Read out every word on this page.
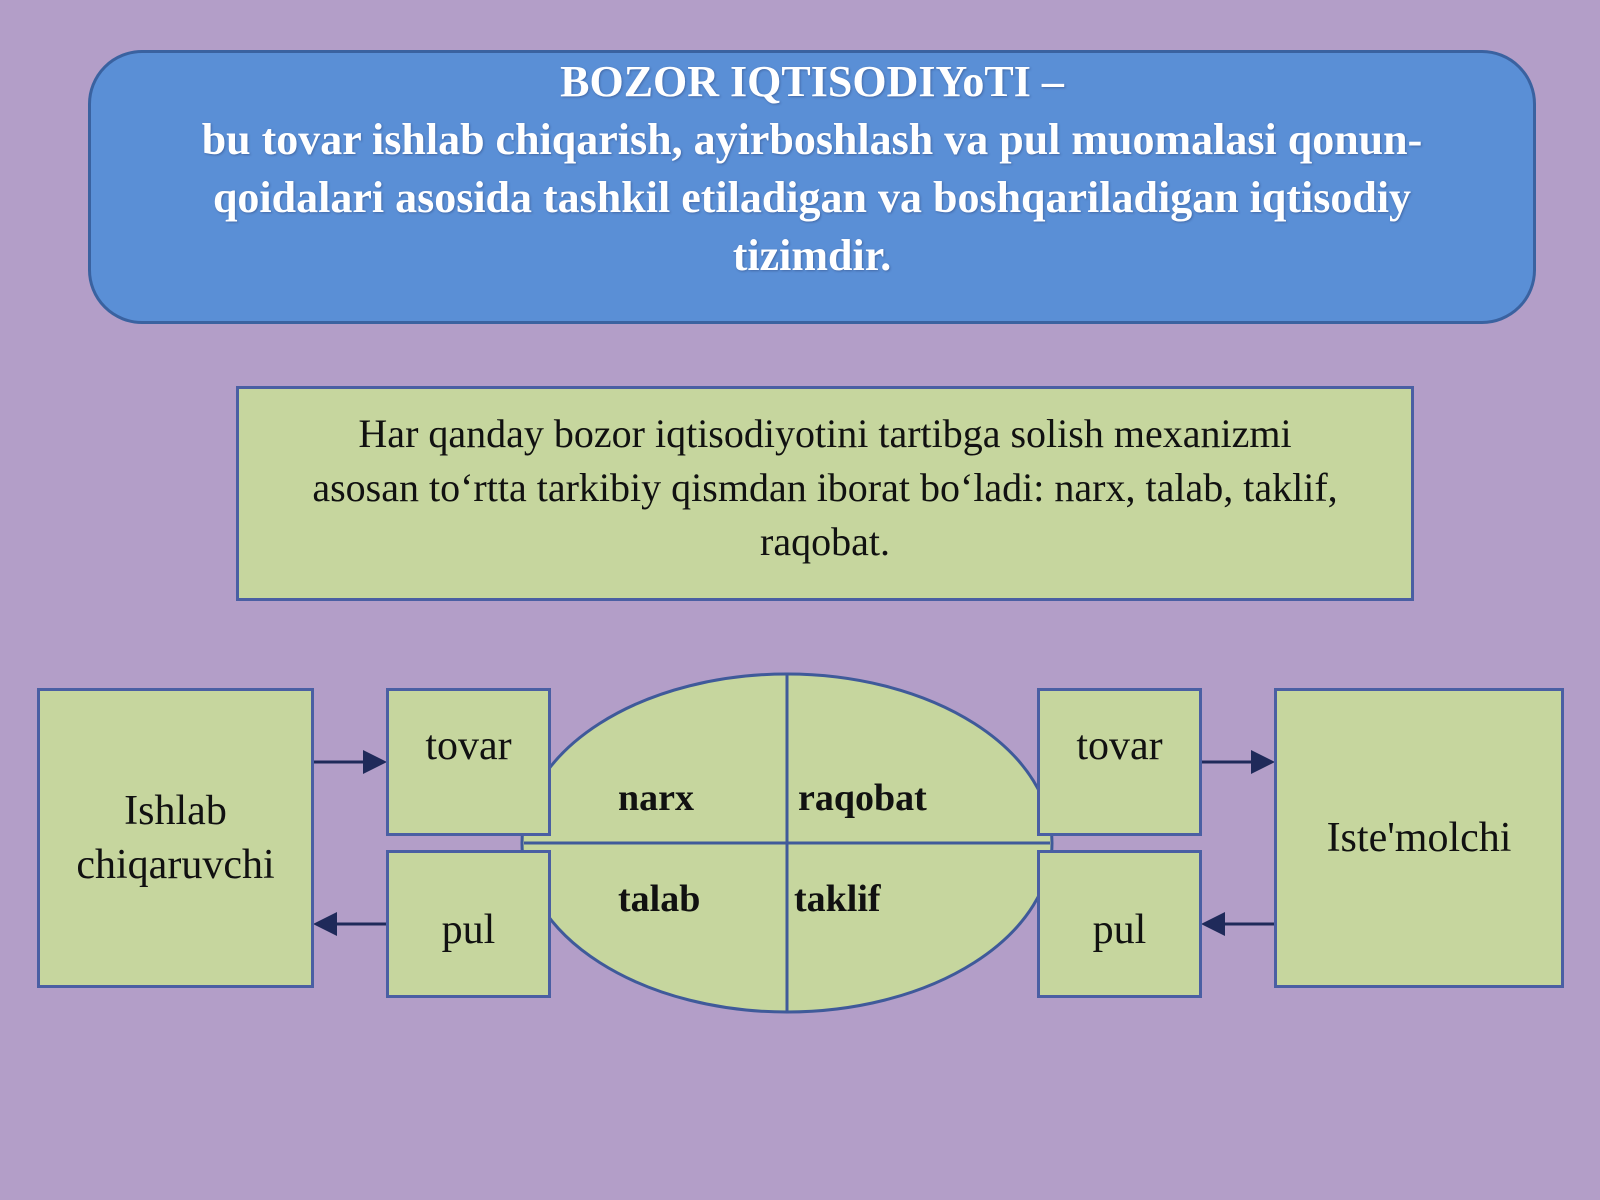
BOZOR IQTISODIYoTI –
bu tovar ishlab chiqarish, ayirboshlash va pul muomalasi qonun-
qoidalari asosida tashkil etiladigan va boshqariladigan iqtisodiy
tizimdir.
Har qanday bozor iqtisodiyotini tartibga solish mexanizmi
asosan to‘rtta tarkibiy qismdan iborat bo‘ladi: narx, talab, taklif,
raqobat.
Ishlab
chiqaruvchi
tovar
pul
tovar
pul
Iste'molchi
narx	raqobat
talab taklif
